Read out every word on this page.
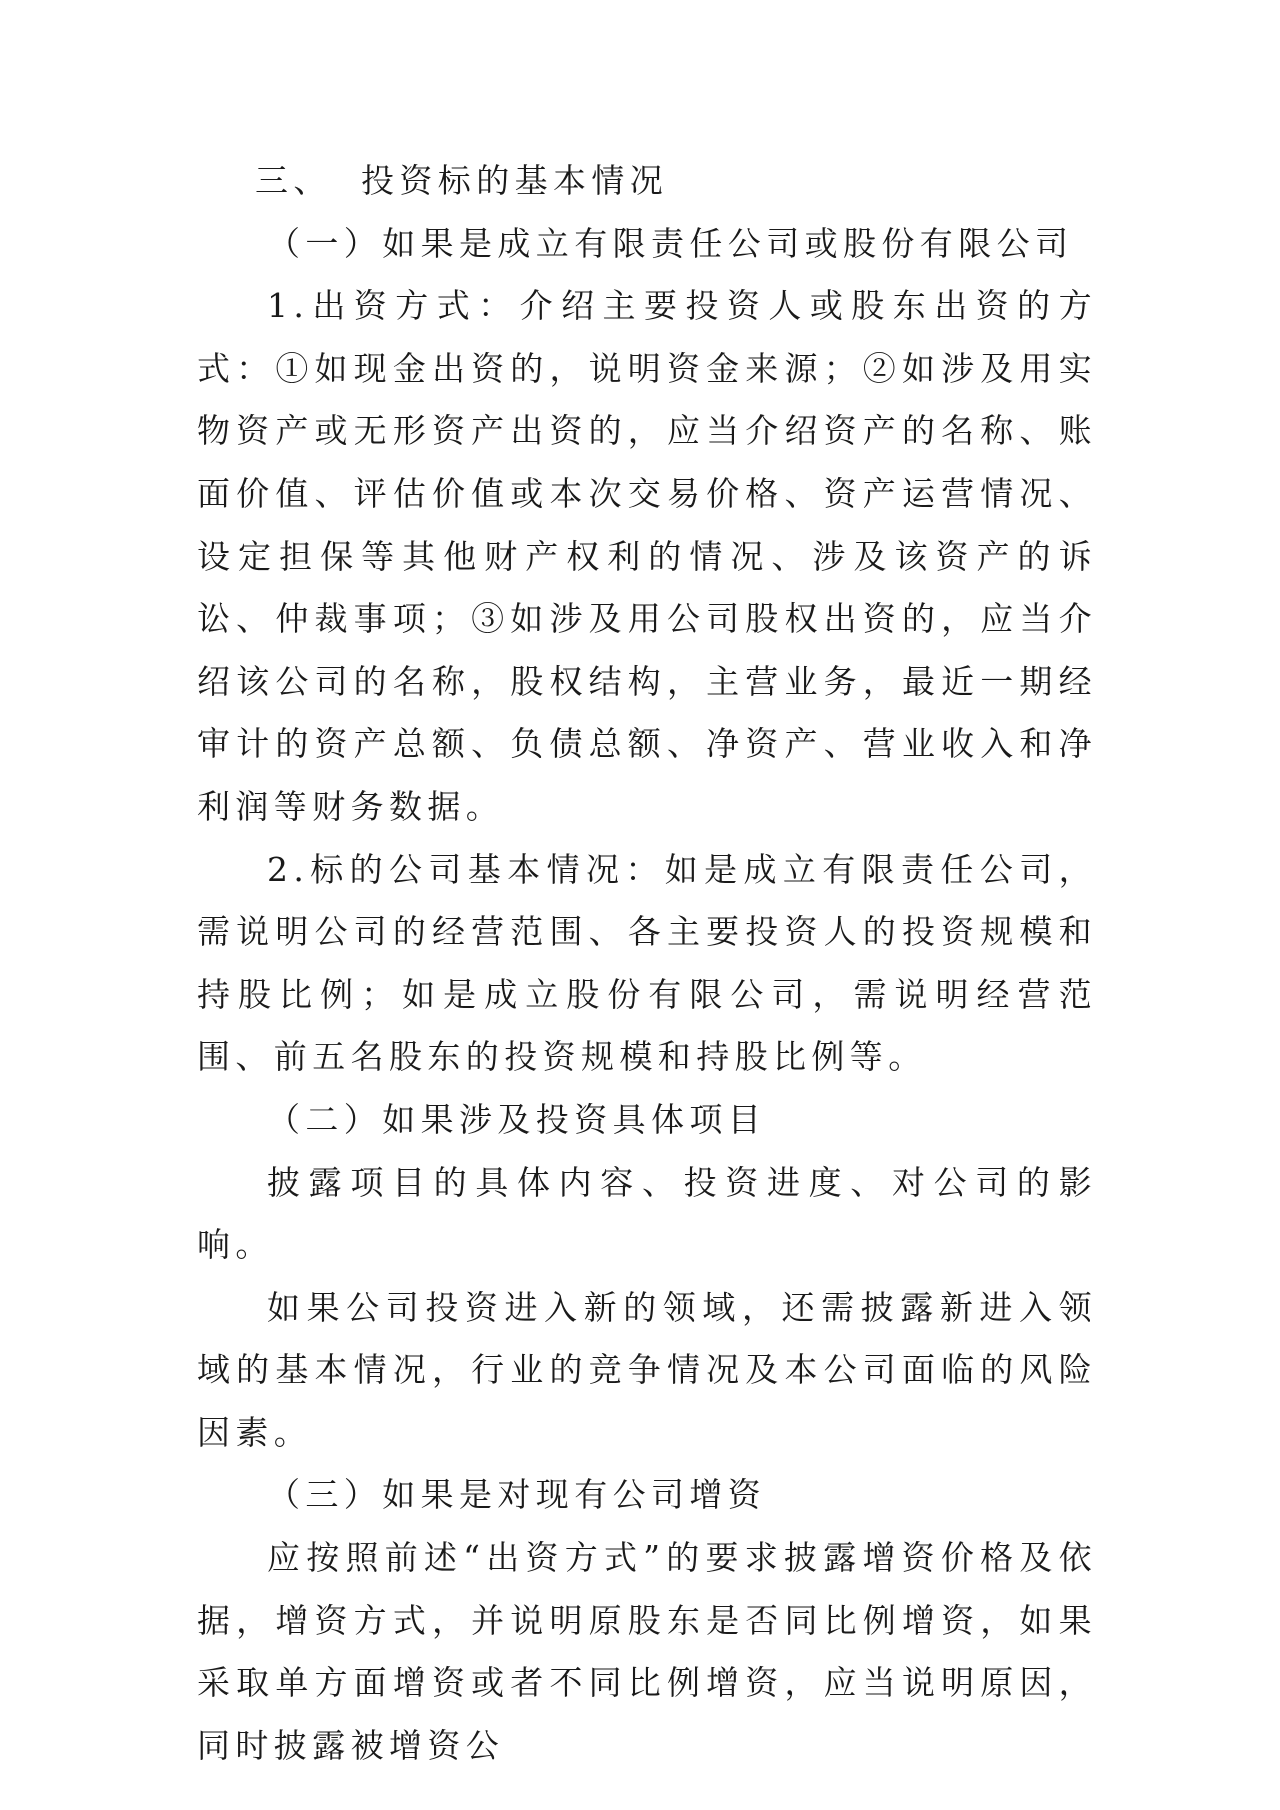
三、 投资标的基本情况

（一）如果是成立有限责任公司或股份有限公司

1.出资方式：介绍主要投资人或股东出资的方式：①如现金出资的，说明资金来源；②如涉及用实物资产或无形资产出资的，应当介绍资产的名称、账面价值、评估价值或本次交易价格、资产运营情况、设定担保等其他财产权利的情况、涉及该资产的诉讼、仲裁事项；③如涉及用公司股权出资的，应当介绍该公司的名称，股权结构，主营业务，最近一期经审计的资产总额、负债总额、净资产、营业收入和净利润等财务数据。

2.标的公司基本情况：如是成立有限责任公司，需说明公司的经营范围、各主要投资人的投资规模和持股比例；如是成立股份有限公司，需说明经营范围、前五名股东的投资规模和持股比例等。

（二）如果涉及投资具体项目

披露项目的具体内容、投资进度、对公司的影响。

如果公司投资进入新的领域，还需披露新进入领域的基本情况，行业的竞争情况及本公司面临的风险因素。

（三）如果是对现有公司增资

应按照前述“出资方式”的要求披露增资价格及依据，增资方式，并说明原股东是否同比例增资，如果采取单方面增资或者不同比例增资，应当说明原因，同时披露被增资公
